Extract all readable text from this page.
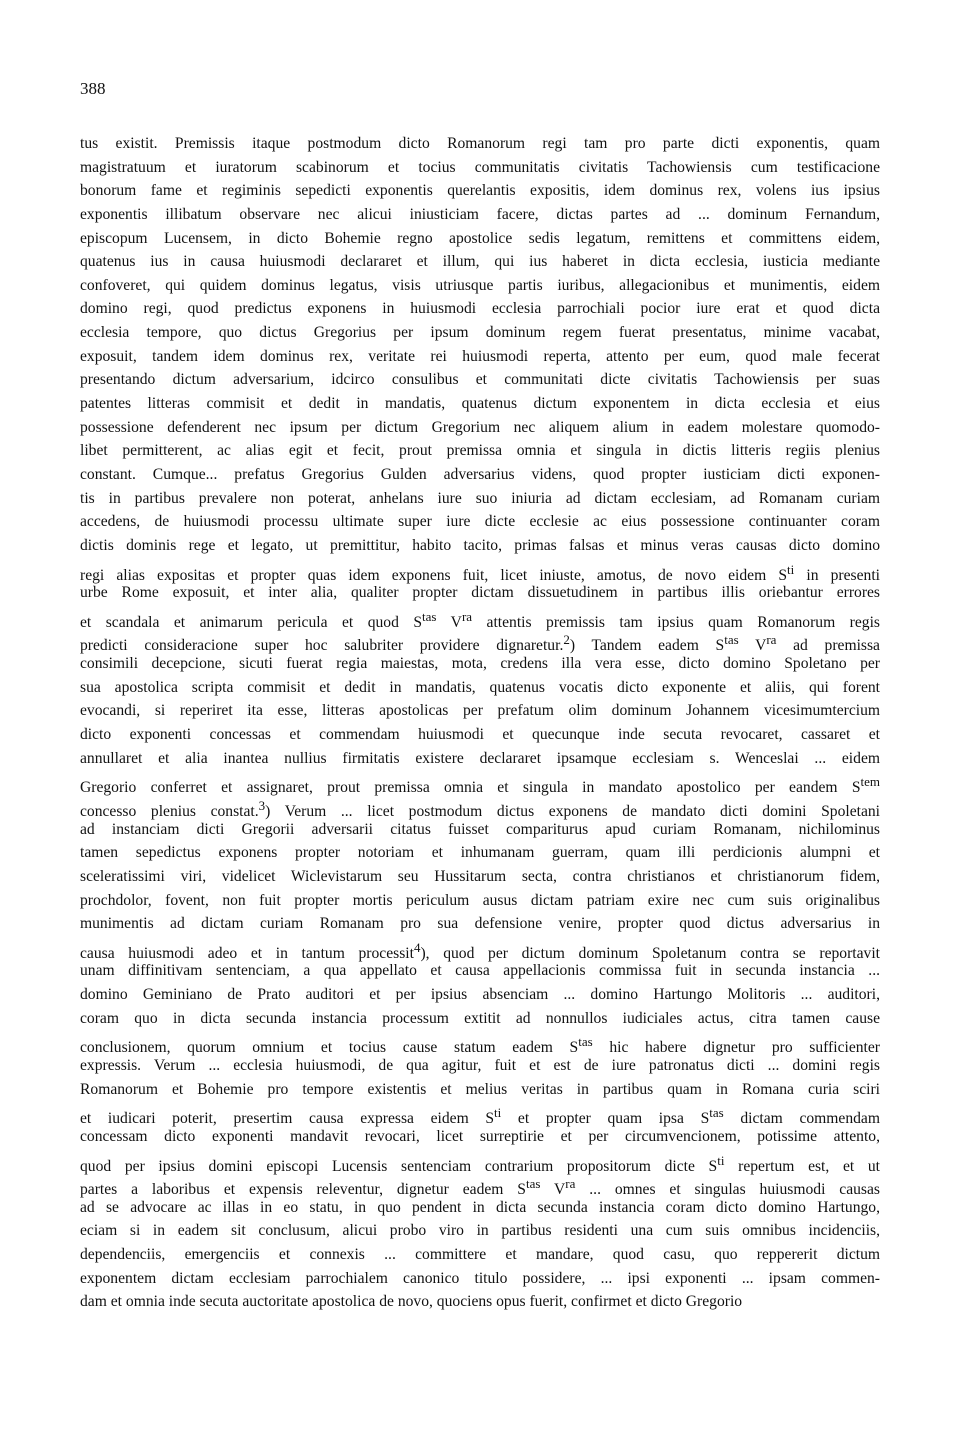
388
tus existit. Premissis itaque postmodum dicto Romanorum regi tam pro parte dicti exponentis, quam
magistratuum et iuratorum scabinorum et tocius communitatis civitatis Tachowiensis cum testificacione
bonorum fame et regiminis sepedicti exponentis querelantis expositis, idem dominus rex, volens ius ipsius
exponentis illibatum observare nec alicui iniusticiam facere, dictas partes ad ... dominum Fernandum,
episcopum Lucensem, in dicto Bohemie regno apostolice sedis legatum, remittens et committens eidem,
quatenus ius in causa huiusmodi declararet et illum, qui ius haberet in dicta ecclesia, iusticia mediante
confoveret, qui quidem dominus legatus, visis utriusque partis iuribus, allegacionibus et munimentis, eidem
domino regi, quod predictus exponens in huiusmodi ecclesia parrochiali pocior iure erat et quod dicta
ecclesia tempore, quo dictus Gregorius per ipsum dominum regem fuerat presentatus, minime vacabat,
exposuit, tandem idem dominus rex, veritate rei huiusmodi reperta, attento per eum, quod male fecerat
presentando dictum adversarium, idcirco consulibus et communitati dicte civitatis Tachowiensis per suas
patentes litteras commisit et dedit in mandatis, quatenus dictum exponentem in dicta ecclesia et eius
possessione defenderent nec ipsum per dictum Gregorium nec aliquem alium in eadem molestare quomodo-
libet permitterent, ac alias egit et fecit, prout premissa omnia et singula in dictis litteris regiis plenius
constant. Cumque... prefatus Gregorius Gulden adversarius videns, quod propter iusticiam dicti exponen-
tis in partibus prevalere non poterat, anhelans iure suo iniuria ad dictam ecclesiam, ad Romanam curiam
accedens, de huiusmodi processu ultimate super iure dicte ecclesie ac eius possessione continuanter coram
dictis dominis rege et legato, ut premittitur, habito tacito, primas falsas et minus veras causas dicto domino
regi alias expositas et propter quas idem exponens fuit, licet iniuste, amotus, de novo eidem $S^{ti}$ in presenti
urbe Rome exposuit, et inter alia, qualiter propter dictam dissuetudinem in partibus illis oriebantur errores
et scandala et animarum pericula et quod $S^{tas}$ $V^{ra}$ attentis premissis tam ipsius quam Romanorum regis
predicti consideracione super hoc salubriter providere dignaretur.$^2$) Tandem eadem $S^{tas}$ $V^{ra}$ ad premissa
consimili decepcione, sicuti fuerat regia maiestas, mota, credens illa vera esse, dicto domino Spoletano per
sua apostolica scripta commisit et dedit in mandatis, quatenus vocatis dicto exponente et aliis, qui forent
evocandi, si reperiret ita esse, litteras apostolicas per prefatum olim dominum Johannem vicesimumtercium
dicto exponenti concessas et commendam huiusmodi et quecunque inde secuta revocaret, cassaret et
annullaret et alia inantea nullius firmitatis existere declararet ipsamque ecclesiam s. Wenceslai ... eidem
Gregorio conferret et assignaret, prout premissa omnia et singula in mandato apostolico per eandem $S^{tem}$
concesso plenius constat.$^3$) Verum ... licet postmodum dictus exponens de mandato dicti domini Spoletani
ad instanciam dicti Gregorii adversarii citatus fuisset compariturus apud curiam Romanam, nichilominus
tamen sepedictus exponens propter notoriam et inhumanam guerram, quam illi perdicionis alumpni et
sceleratissimi viri, videlicet Wiclevistarum seu Hussitarum secta, contra christianos et christianorum fidem,
prochdolor, fovent, non fuit propter mortis periculum ausus dictam patriam exire nec cum suis originalibus
munimentis ad dictam curiam Romanam pro sua defensione venire, propter quod dictus adversarius in
causa huiusmodi adeo et in tantum processit$^4$), quod per dictum dominum Spoletanum contra se reportavit
unam diffinitivam sentenciam, a qua appellato et causa appellacionis commissa fuit in secunda instancia ...
domino Geminiano de Prato auditori et per ipsius absenciam ... domino Hartungo Molitoris ... auditori,
coram quo in dicta secunda instancia processum extitit ad nonnullos iudiciales actus, citra tamen cause
conclusionem, quorum omnium et tocius cause statum eadem $S^{tas}$ hic habere dignetur pro sufficienter
expressis. Verum ... ecclesia huiusmodi, de qua agitur, fuit et est de iure patronatus dicti ... domini regis
Romanorum et Bohemie pro tempore existentis et melius veritas in partibus quam in Romana curia sciri
et iudicari poterit, presertim causa expressa eidem $S^{ti}$ et propter quam ipsa $S^{tas}$ dictam commendam
concessam dicto exponenti mandavit revocari, licet surreptirie et per circumvencionem, potissime attento,
quod per ipsius domini episcopi Lucensis sentenciam contrarium propositorum dicte $S^{ti}$ repertum est, et ut
partes a laboribus et expensis releventur, dignetur eadem $S^{tas}$ $V^{ra}$ ... omnes et singulas huiusmodi causas
ad se advocare ac illas in eo statu, in quo pendent in dicta secunda instancia coram dicto domino Hartungo,
eciam si in eadem sit conclusum, alicui probo viro in partibus residenti una cum suis omnibus incidenciis,
dependenciis, emergenciis et connexis ... committere et mandare, quod casu, quo reppererit dictum
exponentem dictam ecclesiam parrochialem canonico titulo possidere, ... ipsi exponenti ... ipsam commen-
dam et omnia inde secuta auctoritate apostolica de novo, quociens opus fuerit, confirmet et dicto Gregorio
